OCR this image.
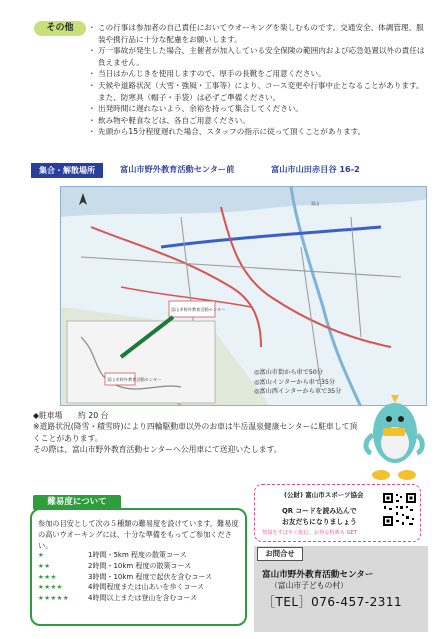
その他
・	この行事は参加者の自己責任においてウオーキングを楽しむものです。交通安全、体調管理、服装や携行品に十分な配慮をお願いします。
・ 万一事故が発生した場合、主催者が加入している安全保険の範囲内および応急処置以外の責任は負えません。
・ 当日はかんじきを使用しますので、厚手の長靴をご用意ください。
・ 天候や道路状況（大雪・強風・工事等）により、コース変更や行事中止となることがあります。また、防寒具（帽子・手袋）は必ずご準備ください。
・ 出発時間に遅れないよう、余裕を持って集合してください。
・ 飲み物や軽食などは、各自ご用意ください。
・ 先頭から15分程度遅れた場合、スタッフの指示に従って頂くことがあります。
集合・解散場所	富山市野外教育活動センター前	富山市山田赤目谷 16-2
富山市野外教育活動センター
富山市野外教育活動センター
富山
◎富山市街から車で50分
◎富山インターから車で35分
◎富山西インターから車で35分

◆駐車場　　約 20 台

※道路状況(降雪・積雪時)により四輪駆動車以外のお車は牛岳温泉健康センターに駐車して頂くことがあります。

その際は、富山市野外教育活動センターへ公用車にて送迎いたします。

難易度について
参加の目安として次の５種類の難易度を設けています。難易度の高いウオーキングには、十分な準備をもってご参加ください。
★	1時間・5km 程度の散策コース
★★	2時間・10km 程度の散策コース
★★★	3時間・10km 程度で起伏を含むコース
★★★★	4時間程度または山あいを歩くコース
★★★★★	4時間以上または登山を含むコース
(公財) 富山市スポーツ協会
QR コードを読み込んで
お友だちになりましょう
情報をすばやく配信。お得な特典も GET
お問合せ
富山市野外教育活動センター
（富山市子どもの村）
［TEL］076-457-2311
